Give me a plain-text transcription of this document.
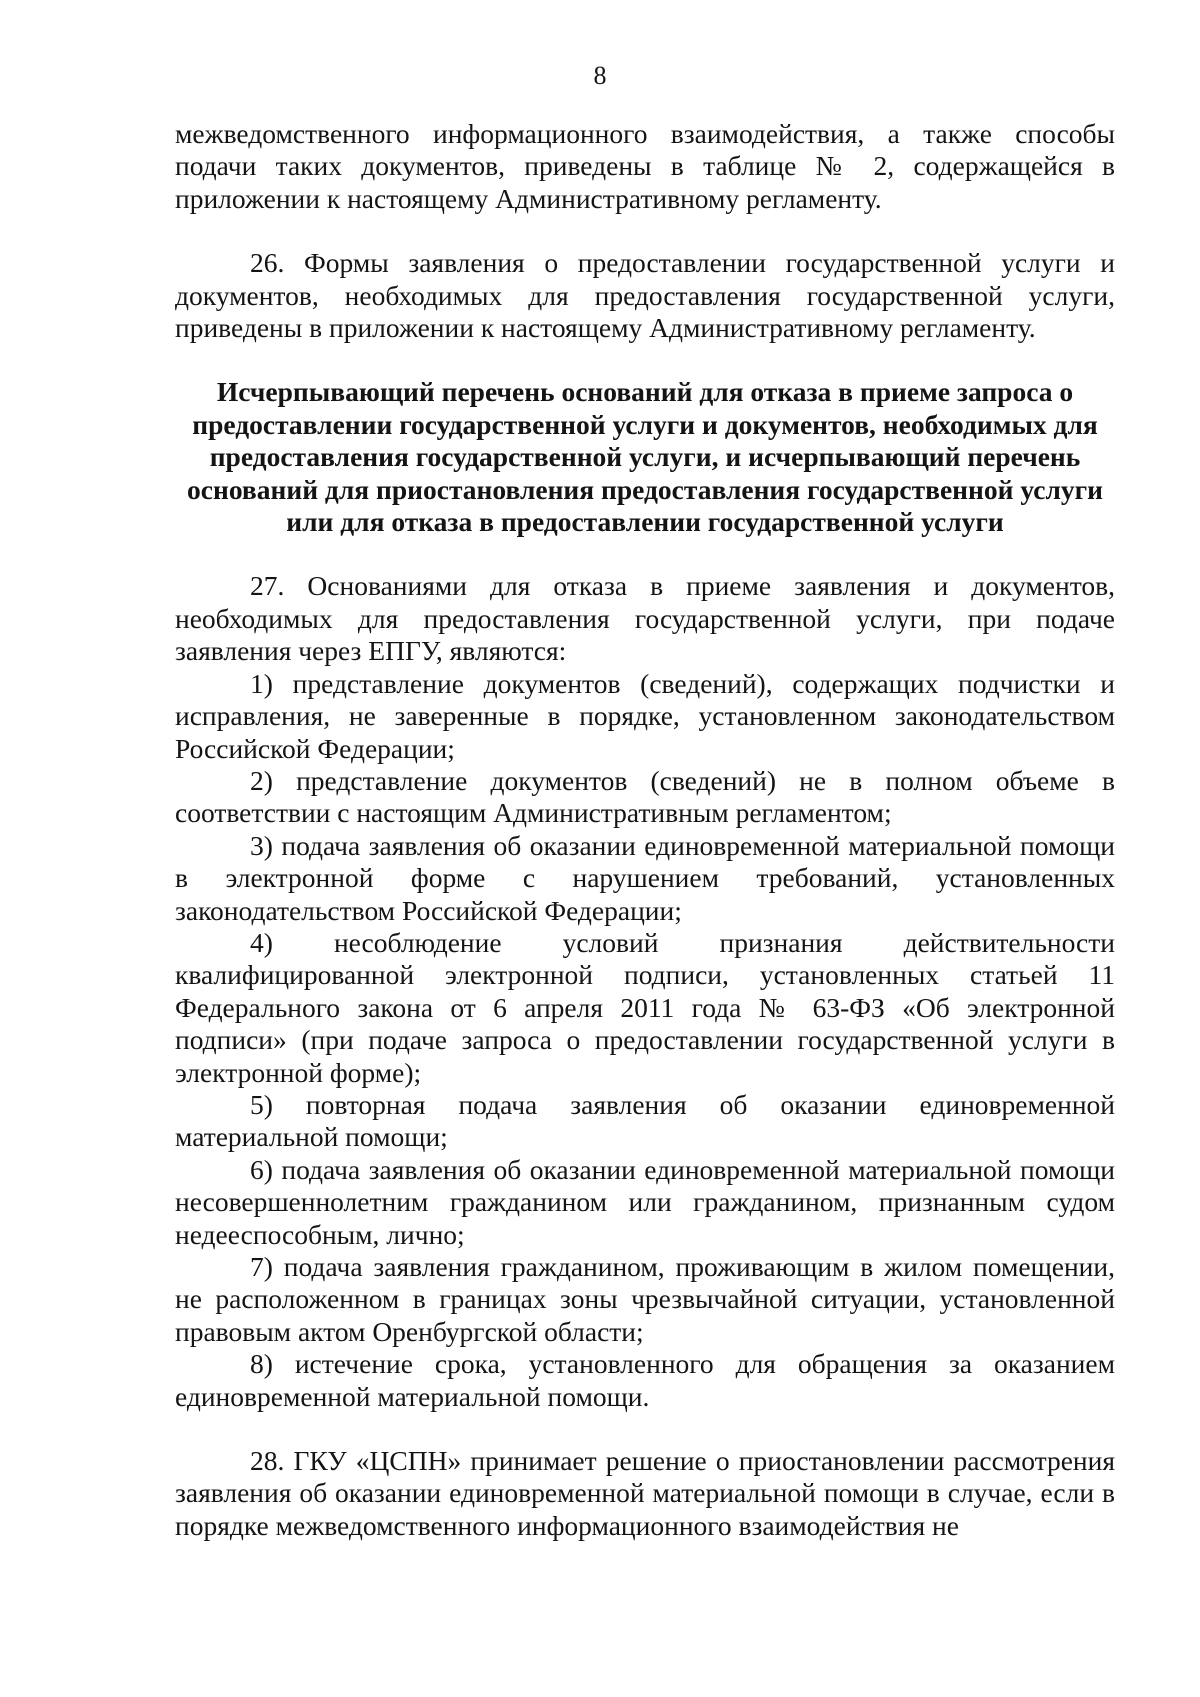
8

межведомственного информационного взаимодействия, а также способы подачи таких документов, приведены в таблице № 2, содержащейся в приложении к настоящему Административному регламенту.

26. Формы заявления о предоставлении государственной услуги и документов, необходимых для предоставления государственной услуги, приведены в приложении к настоящему Административному регламенту.

Исчерпывающий перечень оснований для отказа в приеме запроса о предоставлении государственной услуги и документов, необходимых для предоставления государственной услуги, и исчерпывающий перечень оснований для приостановления предоставления государственной услуги или для отказа в предоставлении государственной услуги

27. Основаниями для отказа в приеме заявления и документов, необходимых для предоставления государственной услуги, при подаче заявления через ЕПГУ, являются:

1) представление документов (сведений), содержащих подчистки и исправления, не заверенные в порядке, установленном законодательством Российской Федерации;

2) представление документов (сведений) не в полном объеме в соответствии с настоящим Административным регламентом;

3) подача заявления об оказании единовременной материальной помощи в электронной форме с нарушением требований, установленных законодательством Российской Федерации;

4) несоблюдение условий признания действительности квалифицированной электронной подписи, установленных статьей 11 Федерального закона от 6 апреля 2011 года № 63-ФЗ «Об электронной подписи» (при подаче запроса о предоставлении государственной услуги в электронной форме);

5) повторная подача заявления об оказании единовременной материальной помощи;

6) подача заявления об оказании единовременной материальной помощи несовершеннолетним гражданином или гражданином, признанным судом недееспособным, лично;

7) подача заявления гражданином, проживающим в жилом помещении, не расположенном в границах зоны чрезвычайной ситуации, установленной правовым актом Оренбургской области;

8) истечение срока, установленного для обращения за оказанием единовременной материальной помощи.

28. ГКУ «ЦСПН» принимает решение о приостановлении рассмотрения заявления об оказании единовременной материальной помощи в случае, если в порядке межведомственного информационного взаимодействия не
